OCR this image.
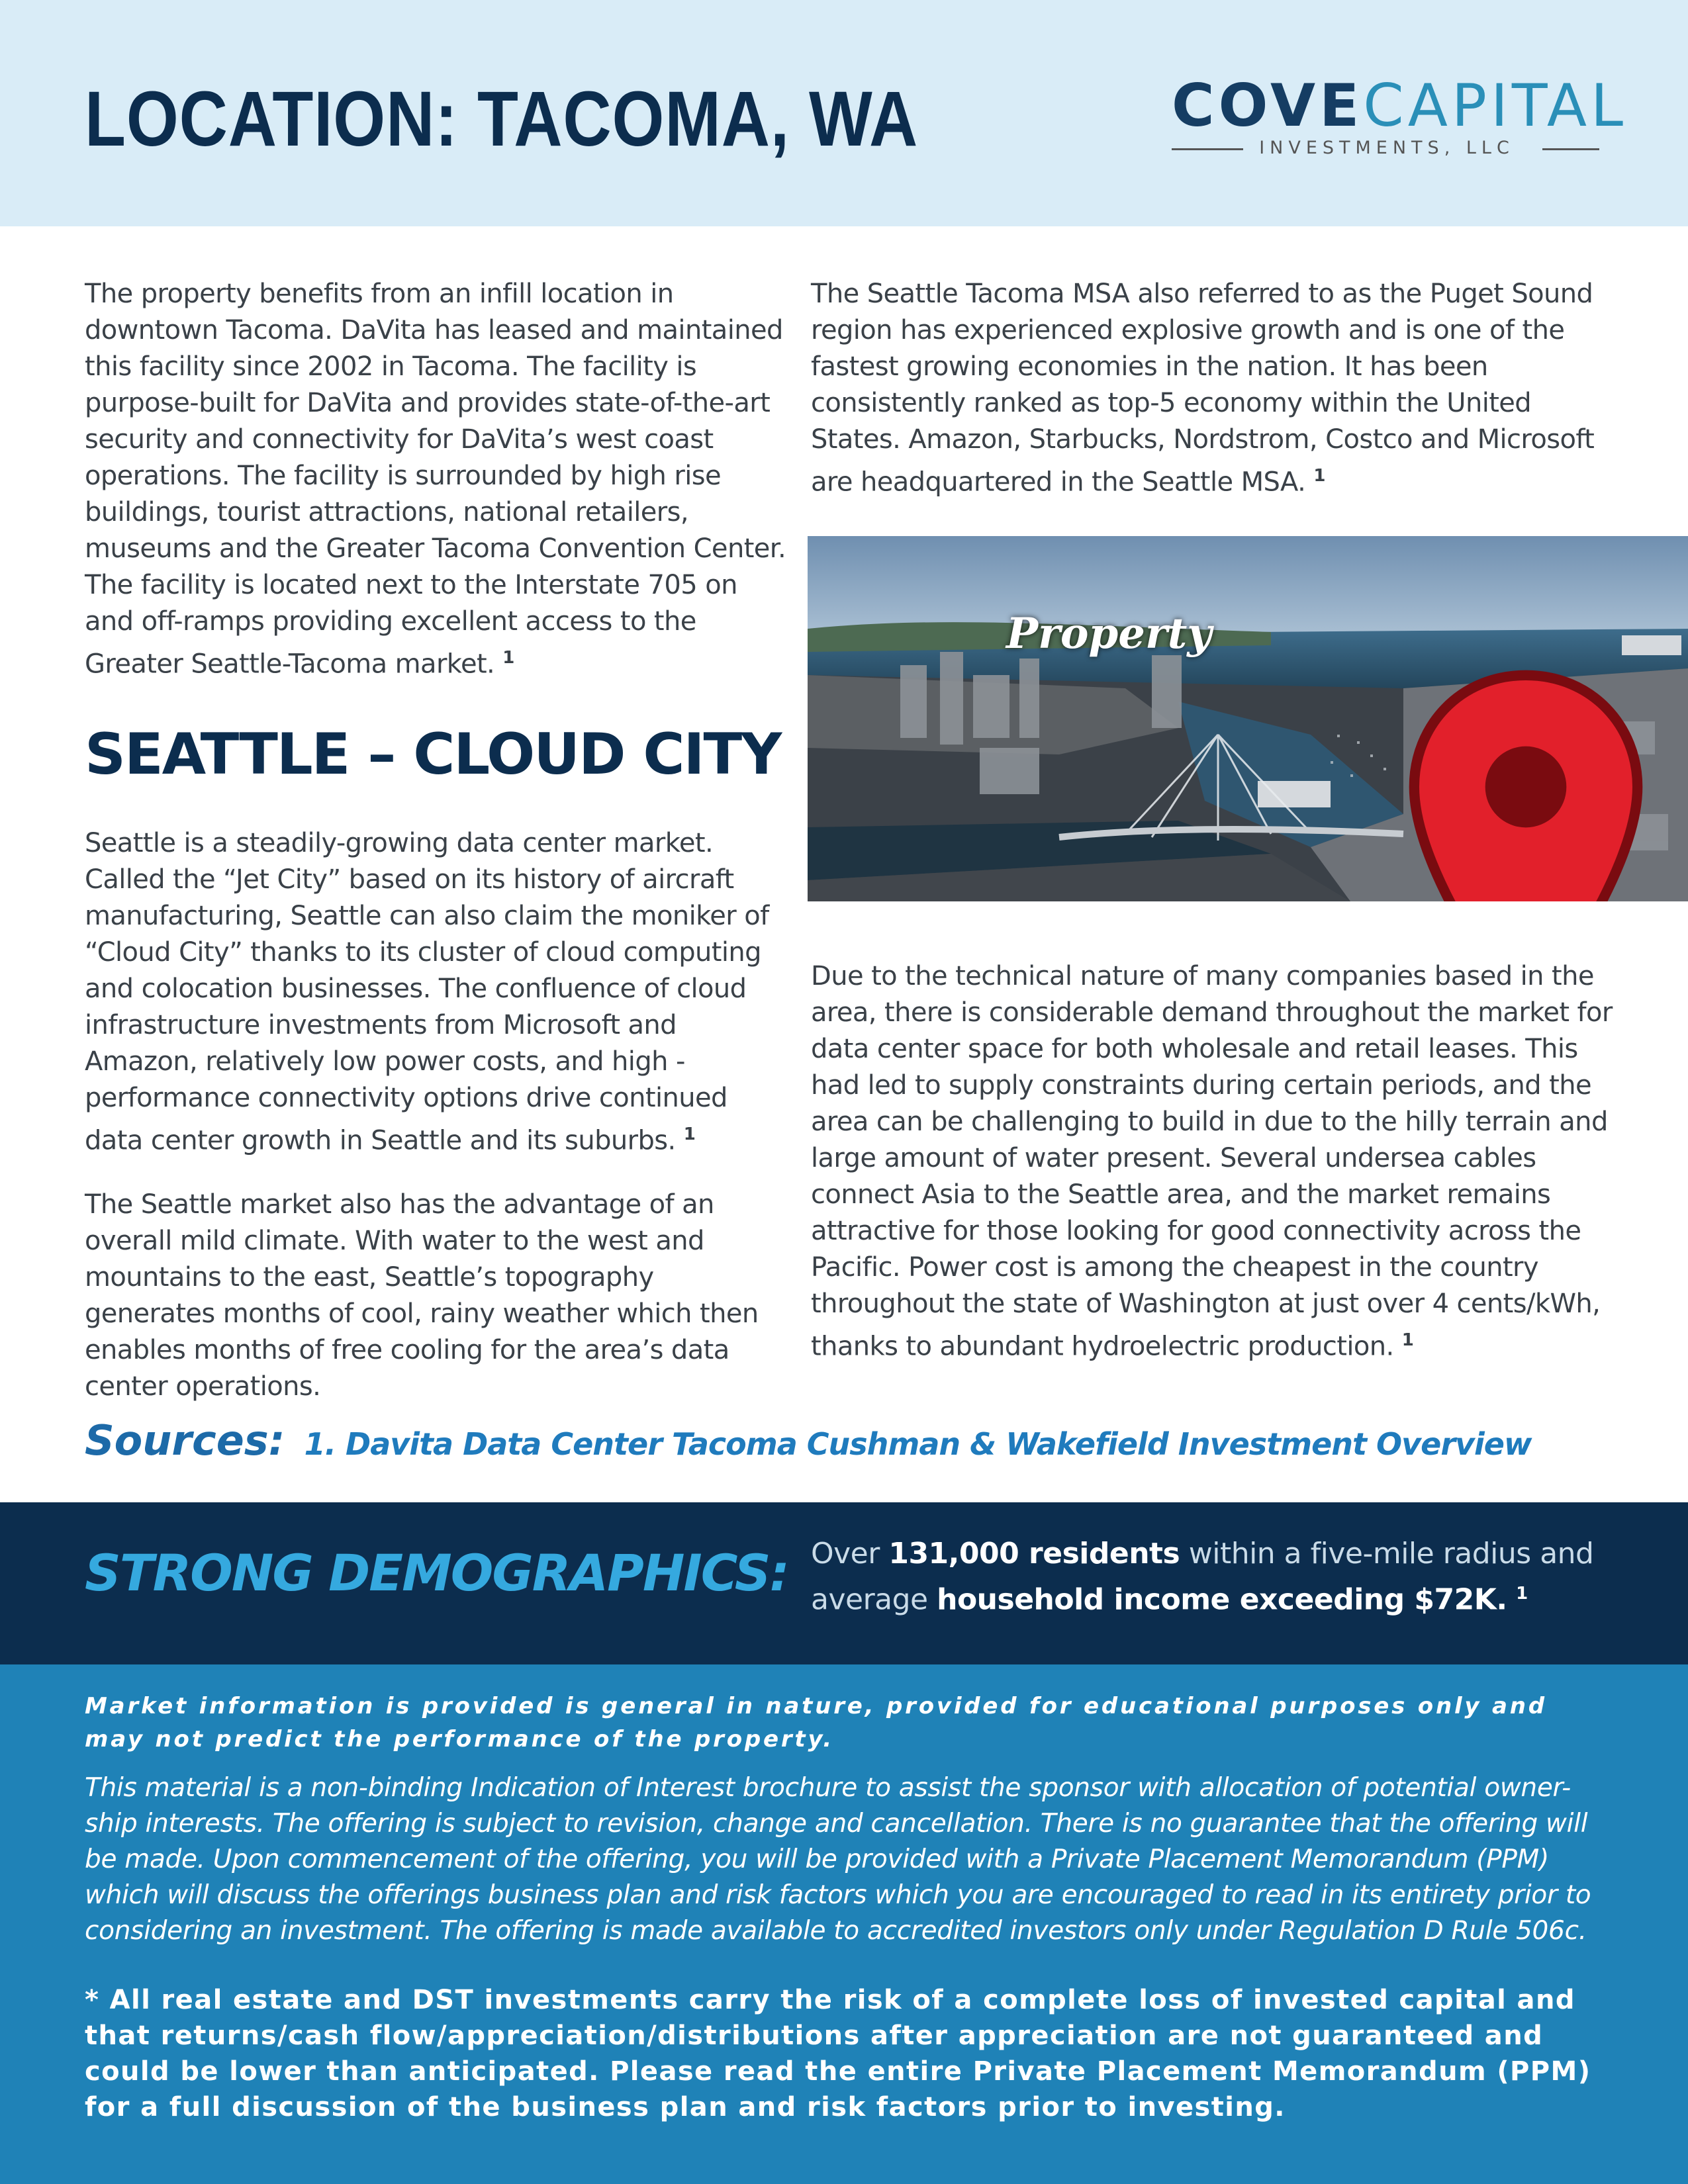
LOCATION: TACOMA, WA	COVECAPITAL
INVESTMENTS, LLC

The property benefits from an infill location in downtown Tacoma. DaVita has leased and maintained this facility since 2002 in Tacoma. The facility is purpose-built for DaVita and provides state-of-the-art security and connectivity for DaVita’s west coast operations. The facility is surrounded by high rise buildings, tourist attractions, national retailers, museums and the Greater Tacoma Convention Center. The facility is located next to the Interstate 705 on and off-ramps providing excellent access to the Greater Seattle-Tacoma market. $^1$

SEATTLE – CLOUD CITY

Seattle is a steadily-growing data center market. Called the “Jet City” based on its history of aircraft manufacturing, Seattle can also claim the moniker of “Cloud City” thanks to its cluster of cloud computing and colocation businesses. The confluence of cloud infrastructure investments from Microsoft and Amazon, relatively low power costs, and high -performance connectivity options drive continued data center growth in Seattle and its suburbs. $^1$

The Seattle market also has the advantage of an overall mild climate. With water to the west and mountains to the east, Seattle’s topography generates months of cool, rainy weather which then enables months of free cooling for the area’s data center operations.

The Seattle Tacoma MSA also referred to as the Puget Sound region has experienced explosive growth and is one of the fastest growing economies in the nation. It has been consistently ranked as top-5 economy within the United States. Amazon, Starbucks, Nordstrom, Costco and Microsoft are headquartered in the Seattle MSA. $^1$

Property

Due to the technical nature of many companies based in the area, there is considerable demand throughout the market for data center space for both wholesale and retail leases. This had led to supply constraints during certain periods, and the area can be challenging to build in due to the hilly terrain and large amount of water present. Several undersea cables connect Asia to the Seattle area, and the market remains attractive for those looking for good connectivity across the Pacific. Power cost is among the cheapest in the country throughout the state of Washington at just over 4 cents/kWh, thanks to abundant hydroelectric production. $^1$

Sources: 1. Davita Data Center Tacoma Cushman & Wakefield Investment Overview
STRONG DEMOGRAPHICS: Over 131,000 residents within a five-mile radius and average household income exceeding $72K. $^1$

Market information is provided is general in nature, provided for educational purposes only and may not predict the performance of the property.

This material is a non-binding Indication of Interest brochure to assist the sponsor with allocation of potential owner-ship interests. The offering is subject to revision, change and cancellation. There is no guarantee that the offering will be made. Upon commencement of the offering, you will be provided with a Private Placement Memorandum (PPM) which will discuss the offerings business plan and risk factors which you are encouraged to read in its entirety prior to considering an investment. The offering is made available to accredited investors only under Regulation D Rule 506c.

* All real estate and DST investments carry the risk of a complete loss of invested capital and that returns/cash flow/appreciation/distributions after appreciation are not guaranteed and could be lower than anticipated. Please read the entire Private Placement Memorandum (PPM) for a full discussion of the business plan and risk factors prior to investing.
